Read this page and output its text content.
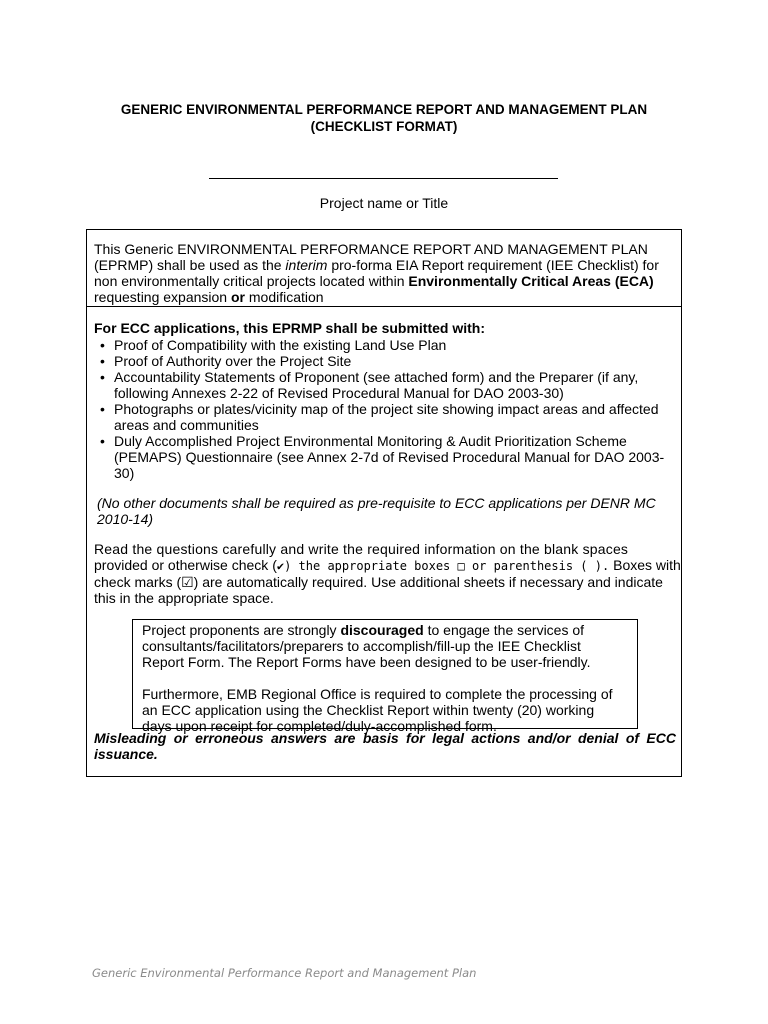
GENERIC ENVIRONMENTAL PERFORMANCE REPORT AND MANAGEMENT PLAN
(CHECKLIST FORMAT)
Project name or Title

This Generic ENVIRONMENTAL PERFORMANCE REPORT AND MANAGEMENT PLAN
(EPRMP) shall be used as the interim pro-forma EIA Report requirement (IEE Checklist) for
non environmentally critical projects located within Environmentally Critical Areas (ECA)
requesting expansion or modification

For ECC applications, this EPRMP shall be submitted with:
• Proof of Compatibility with the existing Land Use Plan
• Proof of Authority over the Project Site
• Accountability Statements of Proponent (see attached form) and the Preparer (if any,
following Annexes 2-22 of Revised Procedural Manual for DAO 2003-30)
• Photographs or plates/vicinity map of the project site showing impact areas and affected
areas and communities
• Duly Accomplished Project Environmental Monitoring & Audit Prioritization Scheme
(PEMAPS) Questionnaire (see Annex 2-7d of Revised Procedural Manual for DAO 2003-
30)
(No other documents shall be required as pre-requisite to ECC applications per DENR MC
2010-14)
Read the questions carefully and write the required information on the blank spaces
provided or otherwise check (✔) the appropriate boxes □ or parenthesis ( ). Boxes with
check marks (☑) are automatically required. Use additional sheets if necessary and indicate
this in the appropriate space.

Project proponents are strongly discouraged to engage the services of
consultants/facilitators/preparers to accomplish/fill-up the IEE Checklist
Report Form. The Report Forms have been designed to be user-friendly.

Furthermore, EMB Regional Office is required to complete the processing of
an ECC application using the Checklist Report within twenty (20) working
days upon receipt for completed/duly-accomplished form.

Misleading or erroneous answers are basis for legal actions and/or denial of ECC issuance.
Generic Environmental Performance Report and Management Plan
